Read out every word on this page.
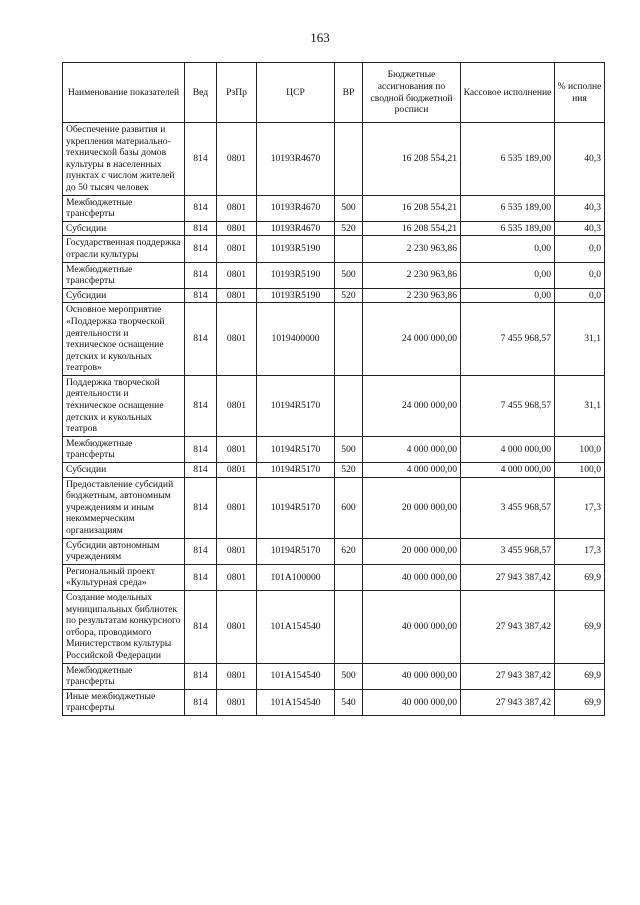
163
Наименование показателей	Вед	РзПр	ЦСР	ВР	Бюджетные ассигнования по сводной бюджетной росписи	Кассовое исполнение	% исполне ния
Обеспечение развития и укрепления материально-технической базы домов культуры в населенных пунктах с числом жителей до 50 тысяч человек	814	0801	10193R4670		16 208 554,21	6 535 189,00	40,3
Межбюджетные трансферты	814	0801	10193R4670	500	16 208 554,21	6 535 189,00	40,3
Субсидии	814	0801	10193R4670	520	16 208 554,21	6 535 189,00	40,3
Государственная поддержка отрасли культуры	814	0801	10193R5190		2 230 963,86	0,00	0,0
Межбюджетные трансферты	814	0801	10193R5190	500	2 230 963,86	0,00	0,0
Субсидии	814	0801	10193R5190	520	2 230 963,86	0,00	0,0
Основное мероприятие «Поддержка творческой деятельности и техническое оснащение детских и кукольных театров»	814	0801	1019400000		24 000 000,00	7 455 968,57	31,1
Поддержка творческой деятельности и техническое оснащение детских и кукольных театров	814	0801	10194R5170		24 000 000,00	7 455 968,57	31,1
Межбюджетные трансферты	814	0801	10194R5170	500	4 000 000,00	4 000 000,00	100,0
Субсидии	814	0801	10194R5170	520	4 000 000,00	4 000 000,00	100,0
Предоставление субсидий бюджетным, автономным учреждениям и иным некоммерческим организациям	814	0801	10194R5170	600	20 000 000,00	3 455 968,57	17,3
Субсидии автономным учреждениям	814	0801	10194R5170	620	20 000 000,00	3 455 968,57	17,3
Региональный проект «Культурная среда»	814	0801	101A100000		40 000 000,00	27 943 387,42	69,9
Создание модельных муниципальных библиотек по результатам конкурсного отбора, проводимого Министерством культуры Российской Федерации	814	0801	101A154540		40 000 000,00	27 943 387,42	69,9
Межбюджетные трансферты	814	0801	101A154540	500	40 000 000,00	27 943 387,42	69,9
Иные межбюджетные трансферты	814	0801	101A154540	540	40 000 000,00	27 943 387,42	69,9
